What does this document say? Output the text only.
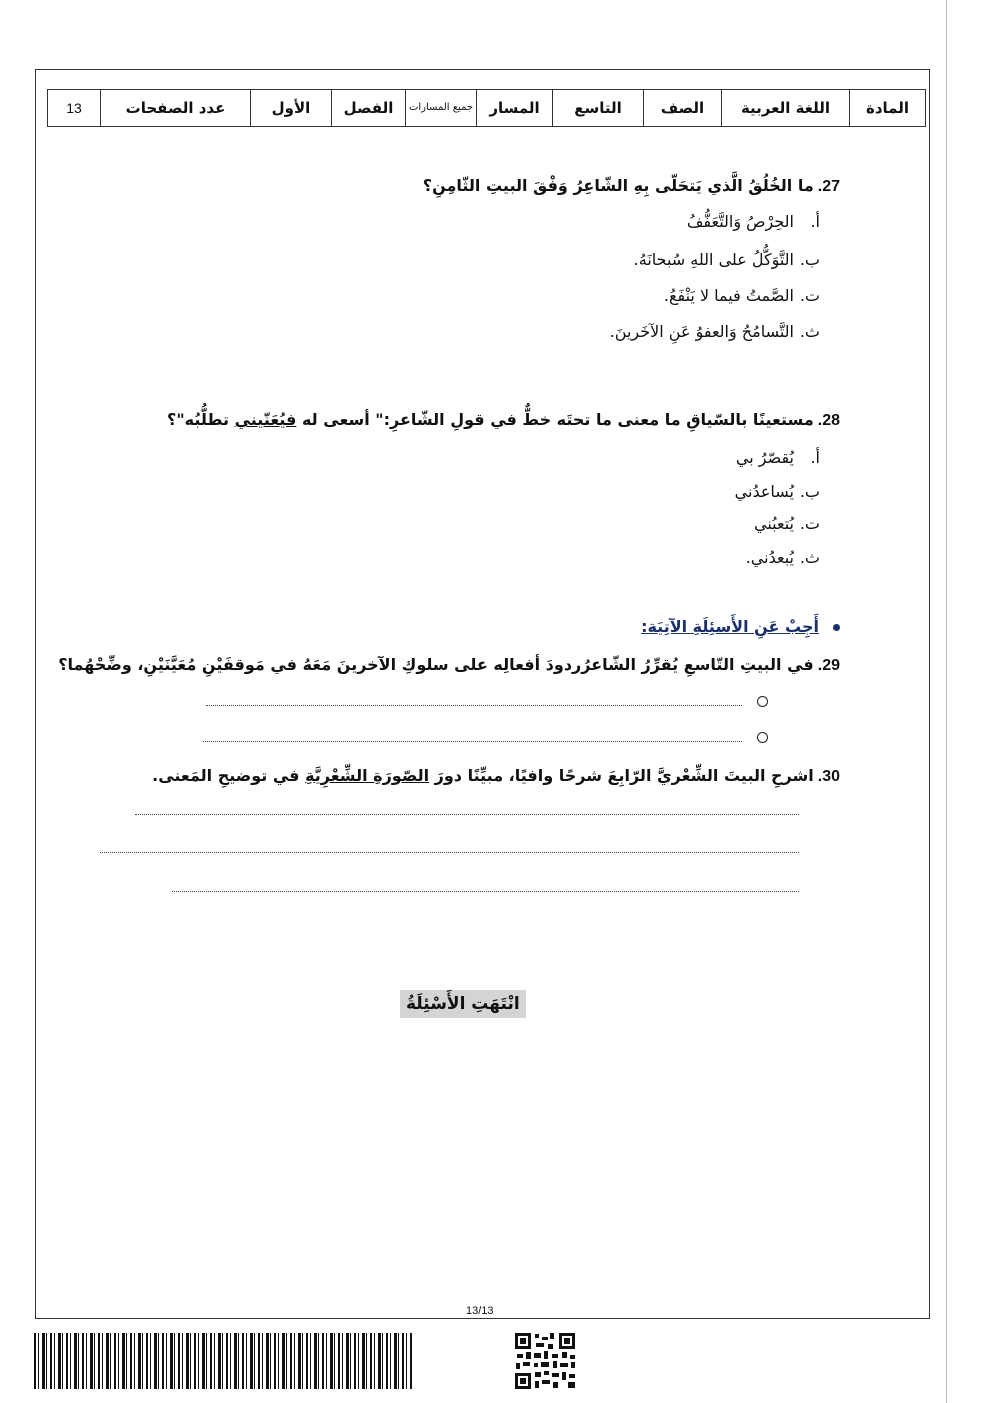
المادة	اللغة العربية	الصف	التاسع	المسار	جميع المسارات	الفصل	الأول	عدد الصفحات	13
27.ما الخُلُقُ الَّذي يَتحَلّى بِهِ الشّاعِرُ وَفْقَ البيتِ الثّامِنِ؟
أ.الحِرْصُ وَالتَّعَفُّفُ
ب.التَّوَكُّلُ على اللهِ سُبحانَهُ.
ت.الصَّمتُ فيما لا يَنْفَعُ.
ث.التَّسامُحُ وَالعفوُ عَنِ الآخَرينَ.
28.مستعينًا بالسّياقِ ما معنى ما تحتَه خطٌّ في قولِ الشّاعرِ:" أسعى له فيُعَنّيني تطلُّبُه"؟
أ.يُقصّرُ بي
ب.يُساعدُني
ت.يُتعبُني
ث.يُبعدُني.
أَجِبْ عَنِ الأَسئِلَةِ الآتِيَة:
29.في البيتِ التّاسعِ يُقرِّرُ الشّاعرُردودَ أفعالِه على سلوكِ الآخرينَ مَعَهُ في مَوقفَيْنِ مُعَيَّنَيْنِ، وضِّحْهُما؟
30.اشرحِ البيتَ الشِّعْريَّ الرّابِعَ شرحًا وافيًا، مبيِّنًا دورَ الصّورَةِ الشِّعْرِيَّةِ في توضيحِ المَعنى.
انْتَهَتِ الأَسْئِلَةُ
13/13
